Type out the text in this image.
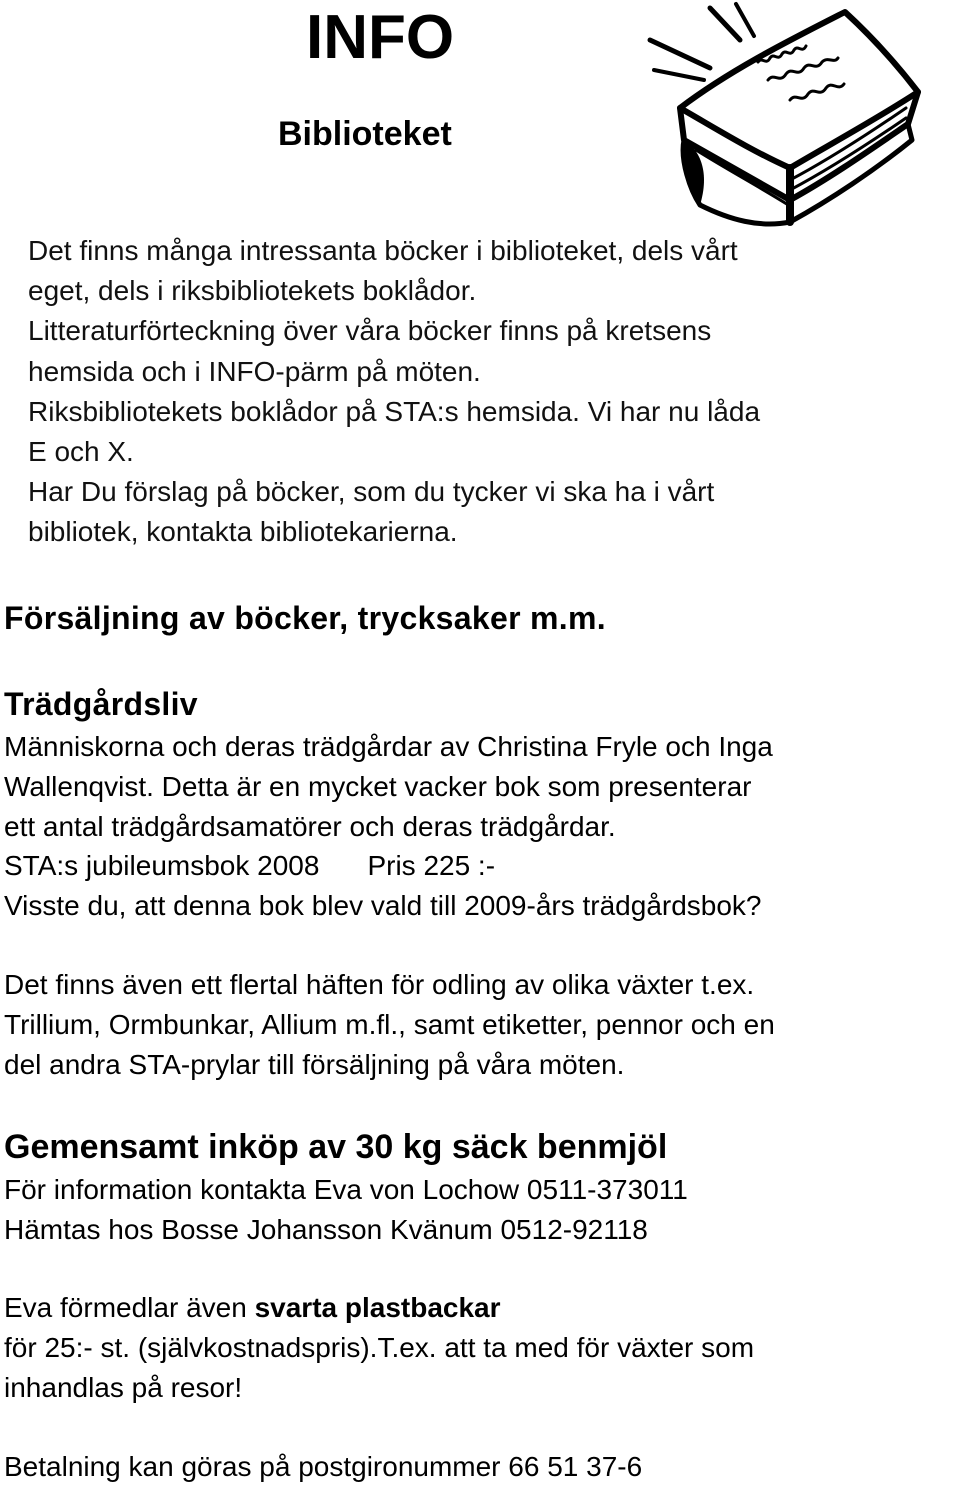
INFO
Biblioteket
Det finns många intressanta böcker i biblioteket, dels vårt
eget, dels i riksbibliotekets boklådor.
Litteraturförteckning över våra böcker finns på kretsens
hemsida och i INFO-pärm på möten.
Riksbibliotekets boklådor på STA:s hemsida. Vi har nu låda
E och X.
Har Du förslag på böcker, som du tycker vi ska ha i vårt
bibliotek, kontakta bibliotekarierna.
Försäljning av böcker, trycksaker m.m.
Trädgårdsliv
Människorna och deras trädgårdar av Christina Fryle och Inga
Wallenqvist. Detta är en mycket vacker bok som presenterar
ett antal trädgårdsamatörer och deras trädgårdar.
STA:s jubileumsbok 2008 Pris 225 :-
Visste du, att denna bok blev vald till 2009-års trädgårdsbok?
Det finns även ett flertal häften för odling av olika växter t.ex.
Trillium, Ormbunkar, Allium m.fl., samt etiketter, pennor och en
del andra STA-prylar till försäljning på våra möten.
Gemensamt inköp av 30 kg säck benmjöl
För information kontakta Eva von Lochow 0511-373011
Hämtas hos Bosse Johansson Kvänum 0512-92118
Eva förmedlar även svarta plastbackar
för 25:- st. (självkostnadspris).T.ex. att ta med för växter som
inhandlas på resor!
Betalning kan göras på postgironummer 66 51 37-6
